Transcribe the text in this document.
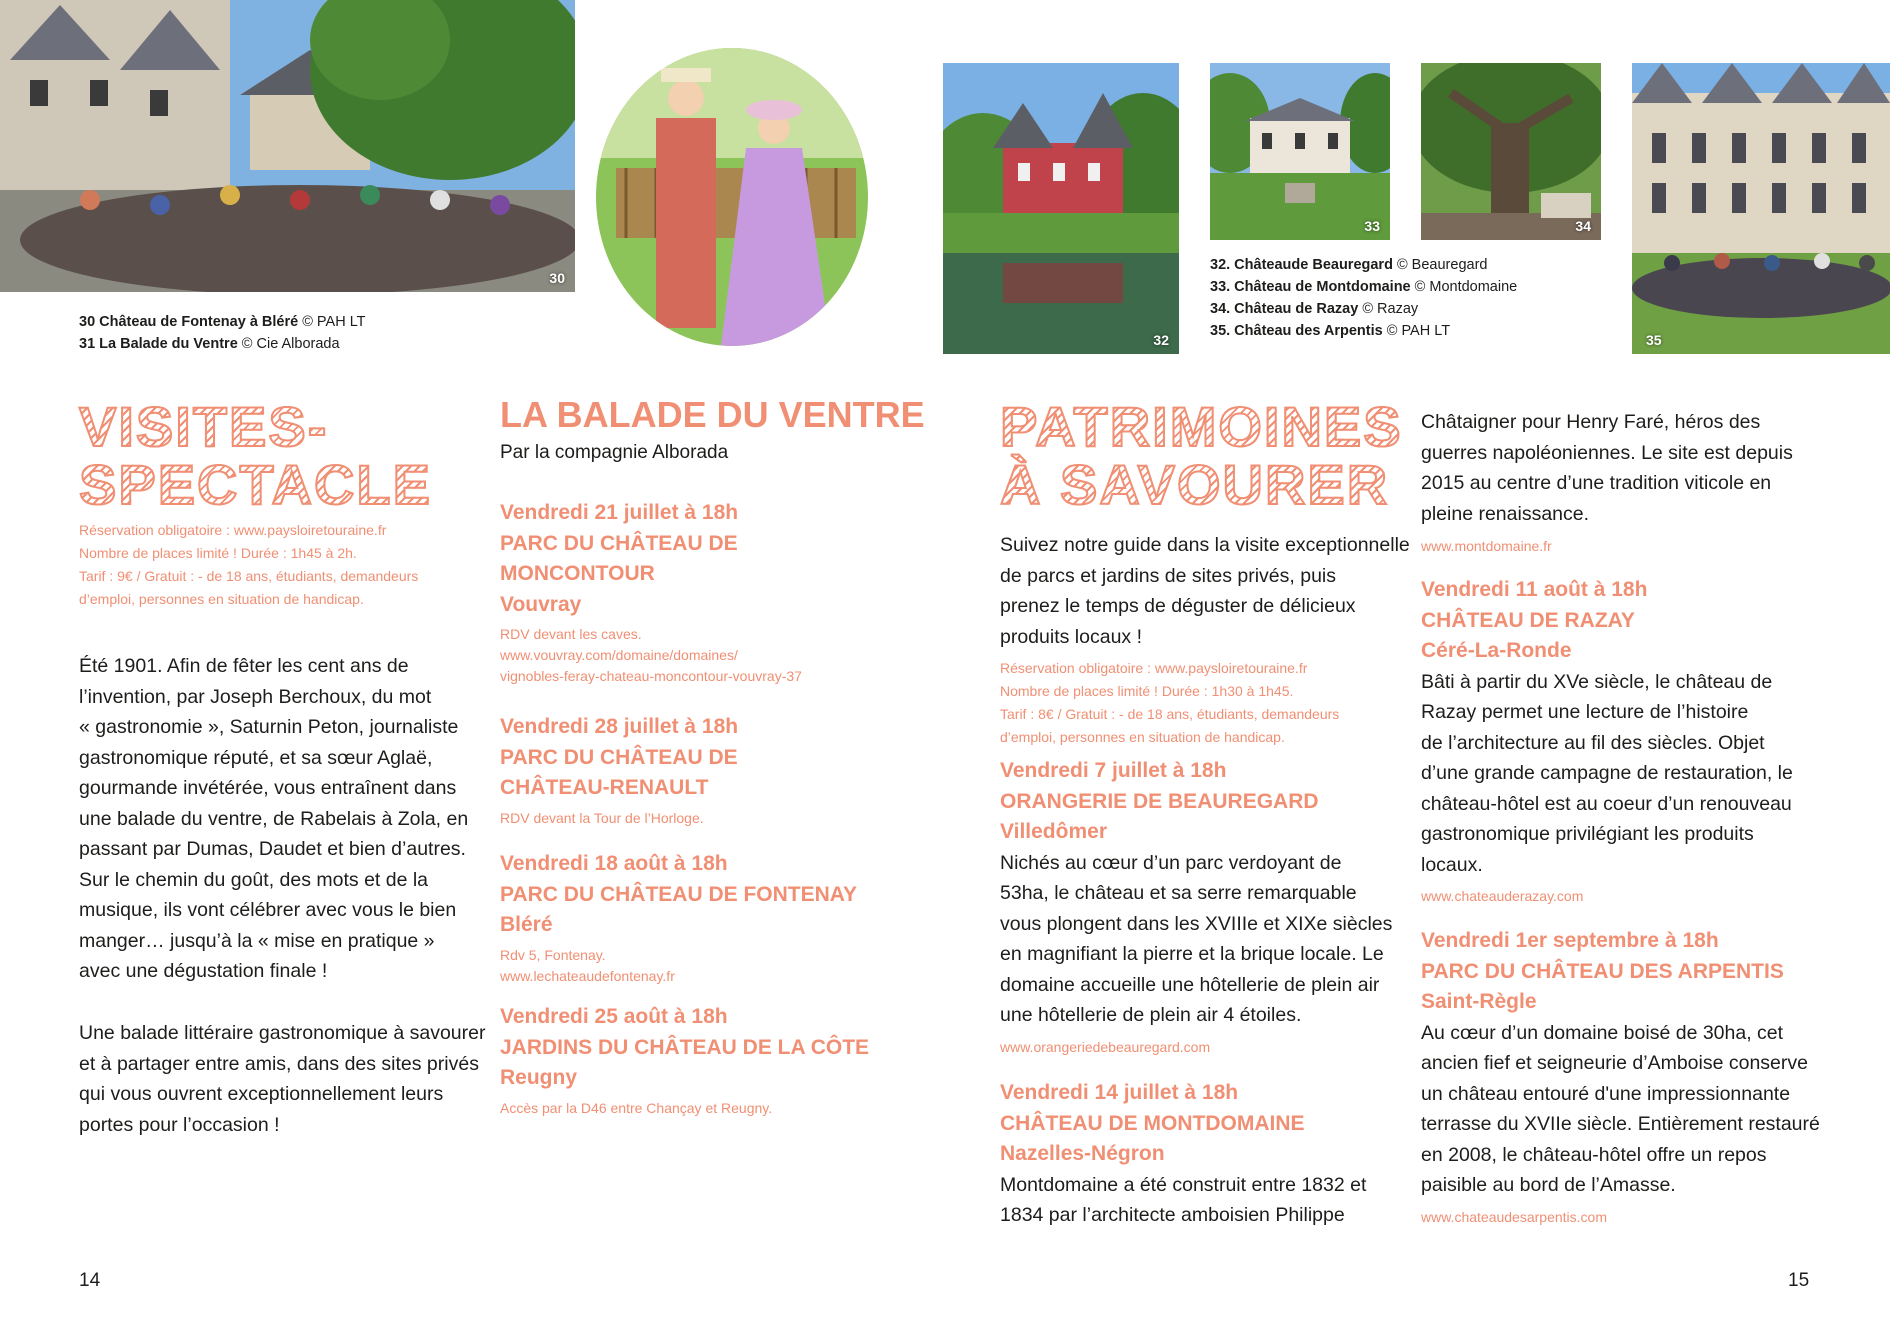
30
31
30 Château de Fontenay à Bléré © PAH LT
31 La Balade du Ventre © Cie Alborada	32
33	34
35
32. Châteaude Beauregard © Beauregard
33. Château de Montdomaine © Montdomaine
34. Château de Razay © Razay
35. Château des Arpentis © PAH LT
VISITES-
SPECTACLE
Réservation obligatoire : www.paysloiretouraine.fr
Nombre de places limité ! Durée : 1h45 à 2h.
Tarif : 9€ / Gratuit : - de 18 ans, étudiants, demandeurs
d’emploi, personnes en situation de handicap.
Été 1901. Afin de fêter les cent ans de
l’invention, par Joseph Berchoux, du mot
« gastronomie », Saturnin Peton, journaliste
gastronomique réputé, et sa sœur Aglaë,
gourmande invétérée, vous entraînent dans
une balade du ventre, de Rabelais à Zola, en
passant par Dumas, Daudet et bien d’autres.
Sur le chemin du goût, des mots et de la
musique, ils vont célébrer avec vous le bien
manger… jusqu’à la « mise en pratique »
avec une dégustation finale !
Une balade littéraire gastronomique à savourer
et à partager entre amis, dans des sites privés
qui vous ouvrent exceptionnellement leurs
portes pour l’occasion !
LA BALADE DU VENTRE
Par la compagnie Alborada
Vendredi 21 juillet à 18h
PARC DU CHÂTEAU DE
MONCONTOUR
Vouvray
RDV devant les caves.
www.vouvray.com/domaine/domaines/
vignobles-feray-chateau-moncontour-vouvray-37
Vendredi 28 juillet à 18h
PARC DU CHÂTEAU DE
CHÂTEAU-RENAULT
RDV devant la Tour de l’Horloge.
Vendredi 18 août à 18h
PARC DU CHÂTEAU DE FONTENAY
Bléré
Rdv 5, Fontenay.
www.lechateaudefontenay.fr
Vendredi 25 août à 18h
JARDINS DU CHÂTEAU DE LA CÔTE
Reugny
Accès par la D46 entre Chançay et Reugny.
14
PATRIMOINES
À SAVOURER
Suivez notre guide dans la visite exceptionnelle
de parcs et jardins de sites privés, puis
prenez le temps de déguster de délicieux
produits locaux !
Réservation obligatoire : www.paysloiretouraine.fr
Nombre de places limité ! Durée : 1h30 à 1h45.
Tarif : 8€ / Gratuit : - de 18 ans, étudiants, demandeurs
d’emploi, personnes en situation de handicap.
Vendredi 7 juillet à 18h
ORANGERIE DE BEAUREGARD
Villedômer
Nichés au cœur d’un parc verdoyant de
53ha, le château et sa serre remarquable
vous plongent dans les XVIIIe et XIXe siècles
en magnifiant la pierre et la brique locale. Le
domaine accueille une hôtellerie de plein air
une hôtellerie de plein air 4 étoiles.
www.orangeriedebeauregard.com
Vendredi 14 juillet à 18h
CHÂTEAU DE MONTDOMAINE
Nazelles-Négron
Montdomaine a été construit entre 1832 et
1834 par l’architecte amboisien Philippe
Châtaigner pour Henry Faré, héros des
guerres napoléoniennes. Le site est depuis
2015 au centre d’une tradition viticole en
pleine renaissance.
www.montdomaine.fr
Vendredi 11 août à 18h
CHÂTEAU DE RAZAY
Céré-La-Ronde
Bâti à partir du XVe siècle, le château de
Razay permet une lecture de l’histoire
de l’architecture au fil des siècles. Objet
d’une grande campagne de restauration, le
château-hôtel est au coeur d’un renouveau
gastronomique privilégiant les produits
locaux.
www.chateauderazay.com
Vendredi 1er septembre à 18h
PARC DU CHÂTEAU DES ARPENTIS
Saint-Règle
Au cœur d’un domaine boisé de 30ha, cet
ancien fief et seigneurie d’Amboise conserve
un château entouré d'une impressionnante
terrasse du XVIIe siècle. Entièrement restauré
en 2008, le château-hôtel offre un repos
paisible au bord de l’Amasse.
www.chateaudesarpentis.com
15
